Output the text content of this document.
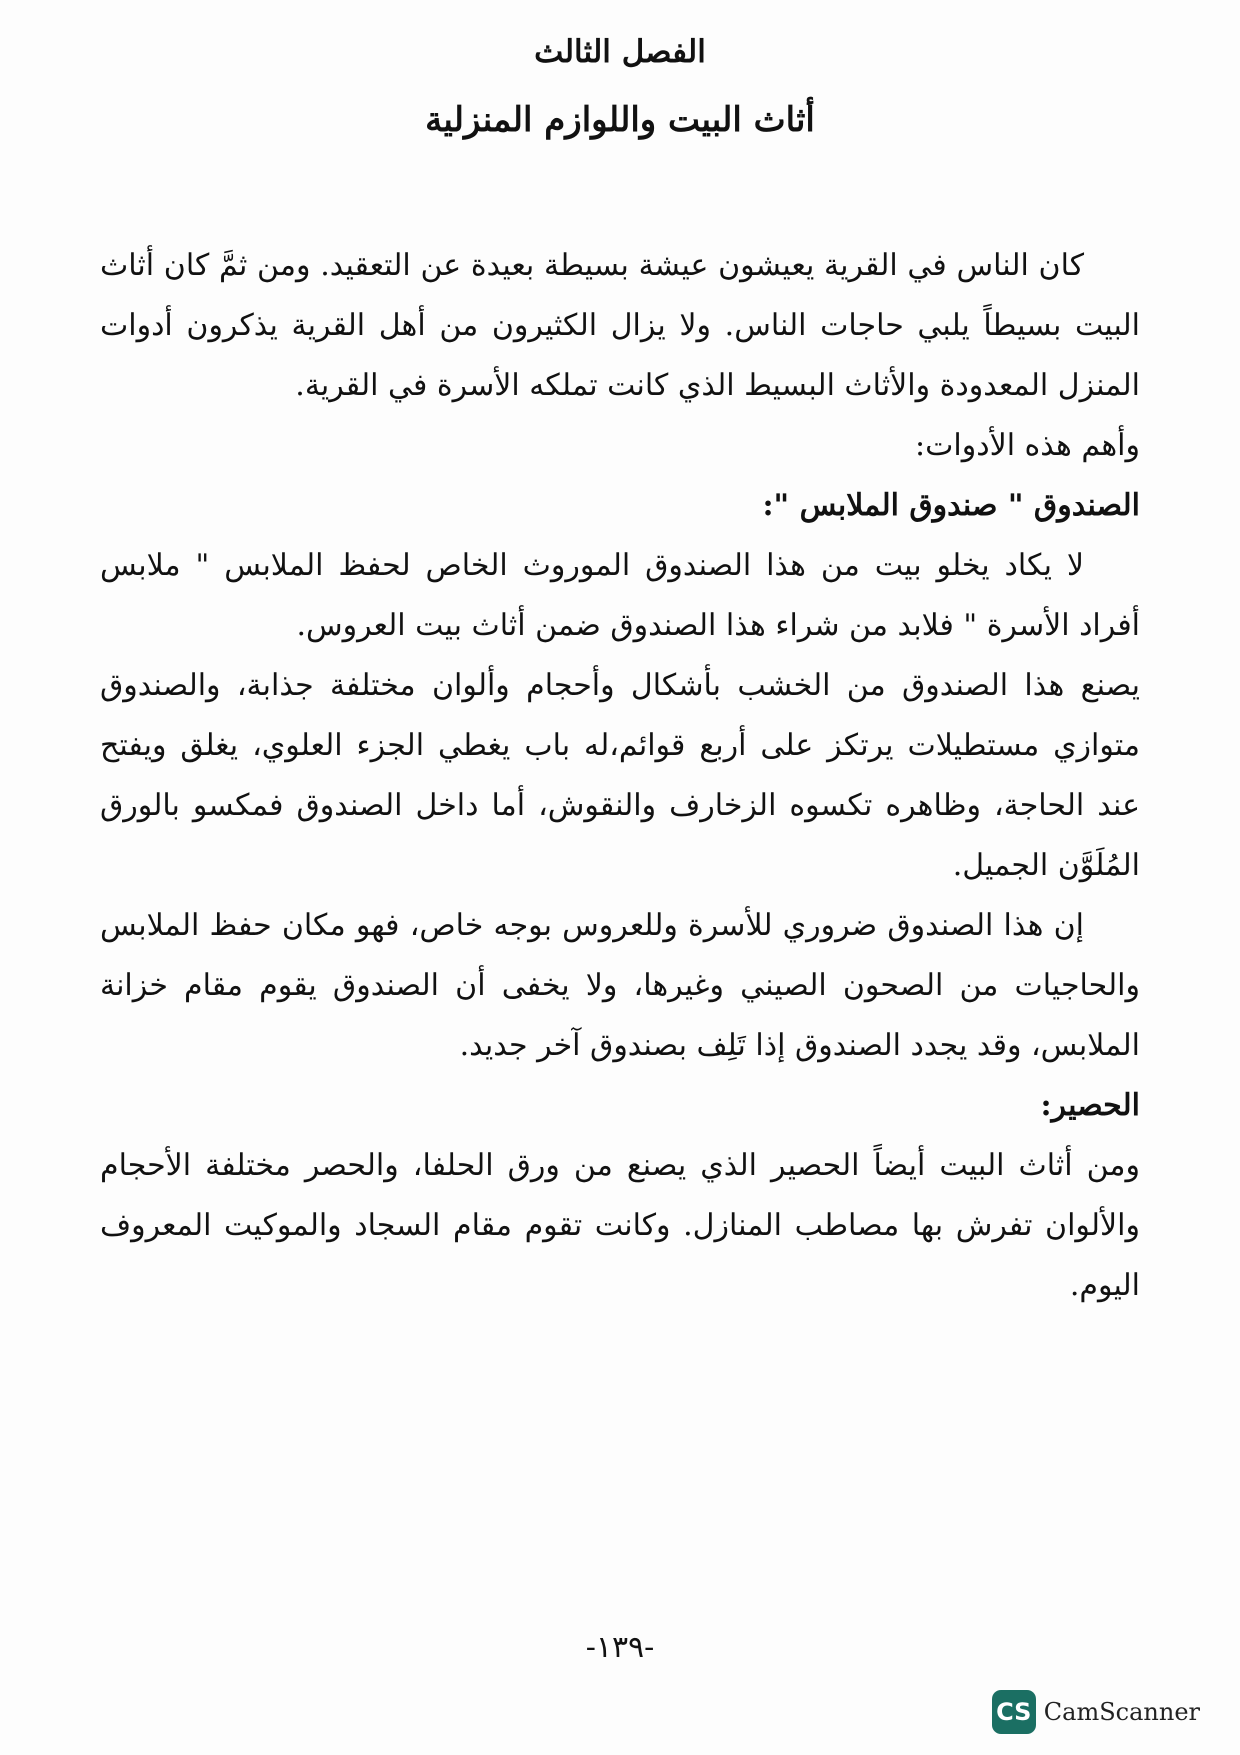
الفصل الثالث
أثاث البيت واللوازم المنزلية

كان الناس في القرية يعيشون عيشة بسيطة بعيدة عن التعقيد. ومن ثمَّ كان أثاث البيت بسيطاً يلبي حاجات الناس. ولا يزال الكثيرون من أهل القرية يذكرون أدوات المنزل المعدودة والأثاث البسيط الذي كانت تملكه الأسرة في القرية.

وأهم هذه الأدوات:

الصندوق " صندوق الملابس ":

لا يكاد يخلو بيت من هذا الصندوق الموروث الخاص لحفظ الملابس " ملابس أفراد الأسرة " فلابد من شراء هذا الصندوق ضمن أثاث بيت العروس.

يصنع هذا الصندوق من الخشب بأشكال وأحجام وألوان مختلفة جذابة، والصندوق متوازي مستطيلات يرتكز على أربع قوائم،له باب يغطي الجزء العلوي، يغلق ويفتح عند الحاجة، وظاهره تكسوه الزخارف والنقوش، أما داخل الصندوق فمكسو بالورق المُلَوَّن الجميل.

إن هذا الصندوق ضروري للأسرة وللعروس بوجه خاص، فهو مكان حفظ الملابس والحاجيات من الصحون الصيني وغيرها، ولا يخفى أن الصندوق يقوم مقام خزانة الملابس، وقد يجدد الصندوق إذا تَلِف بصندوق آخر جديد.

الحصير:

ومن أثاث البيت أيضاً الحصير الذي يصنع من ورق الحلفا، والحصر مختلفة الأحجام والألوان تفرش بها مصاطب المنازل. وكانت تقوم مقام السجاد والموكيت المعروف اليوم.

-١٣٩-
CS CamScanner
